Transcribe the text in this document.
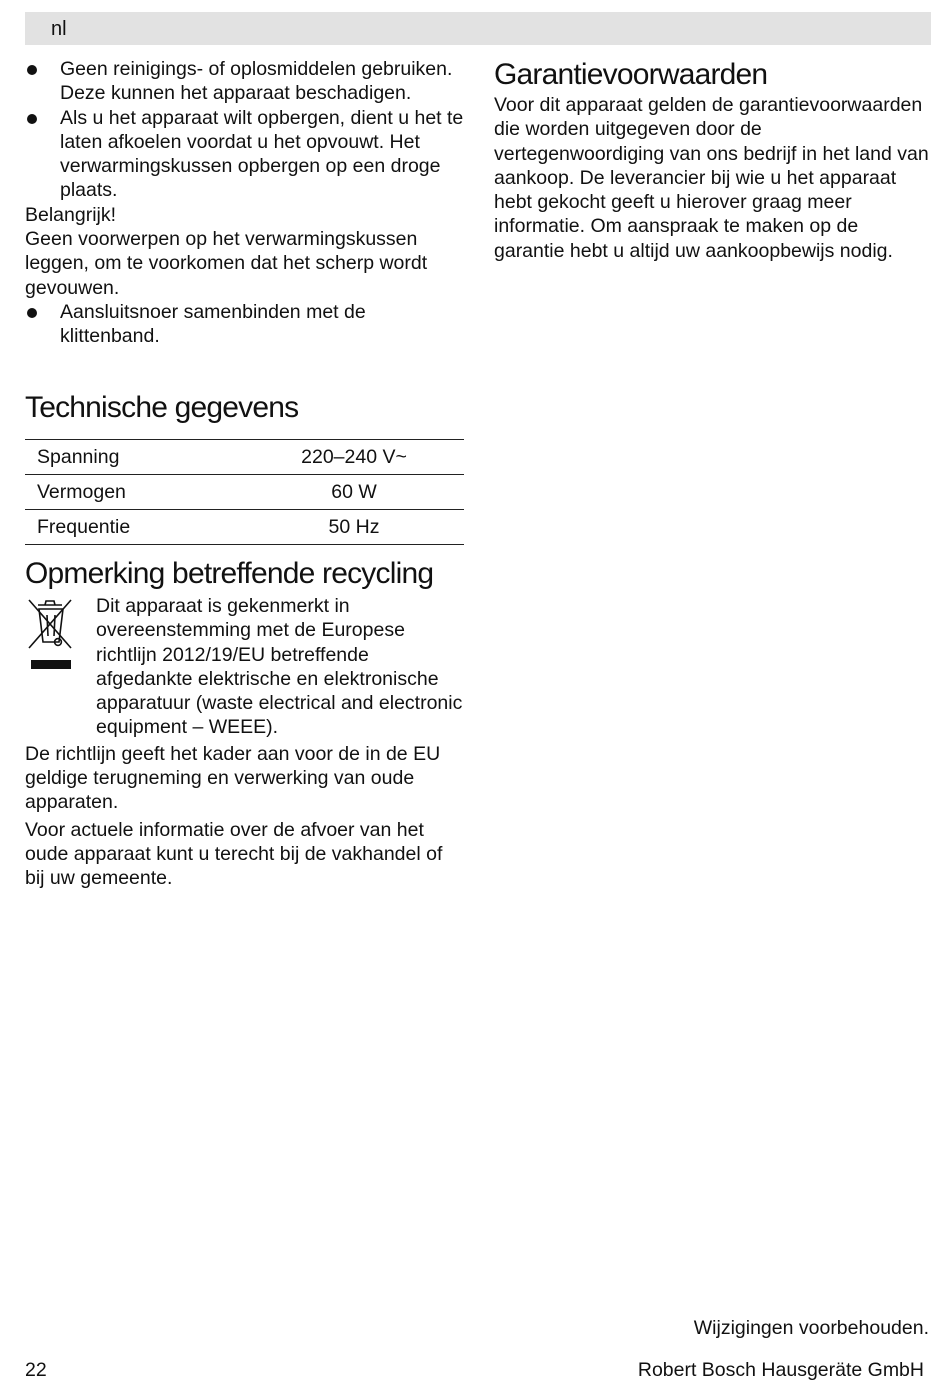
nl
Geen reinigings- of oplosmiddelen gebruiken. Deze kunnen het apparaat beschadigen.
Als u het apparaat wilt opbergen, dient u het te laten afkoelen voordat u het opvouwt. Het verwarmingskussen opbergen op een droge plaats.
Belangrijk!

Geen voorwerpen op het verwarmingskussen leggen, om te voorkomen dat het scherp wordt gevouwen.

Aansluitsnoer samenbinden met de klittenband.
Technische gegevens
Spanning	220–240 V~
Vermogen	60 W
Frequentie	50 Hz
Opmerking betreffende recycling

Dit apparaat is gekenmerkt in overeenstemming met de Europese richtlijn 2012/19/EU betreffende afgedankte elektrische en elektronische apparatuur (waste electrical and electronic equipment – WEEE).

De richtlijn geeft het kader aan voor de in de EU geldige terugneming en verwerking van oude apparaten.

Voor actuele informatie over de afvoer van het oude apparaat kunt u terecht bij de vakhandel of bij uw gemeente.

Garantievoorwaarden

Voor dit apparaat gelden de garantievoorwaarden die worden uitgegeven door de vertegenwoordiging van ons bedrijf in het land van aankoop. De leverancier bij wie u het apparaat hebt gekocht geeft u hierover graag meer informatie. Om aanspraak te maken op de garantie hebt u altijd uw aankoopbewijs nodig.

Wijzigingen voorbehouden.
22	Robert Bosch Hausgeräte GmbH
